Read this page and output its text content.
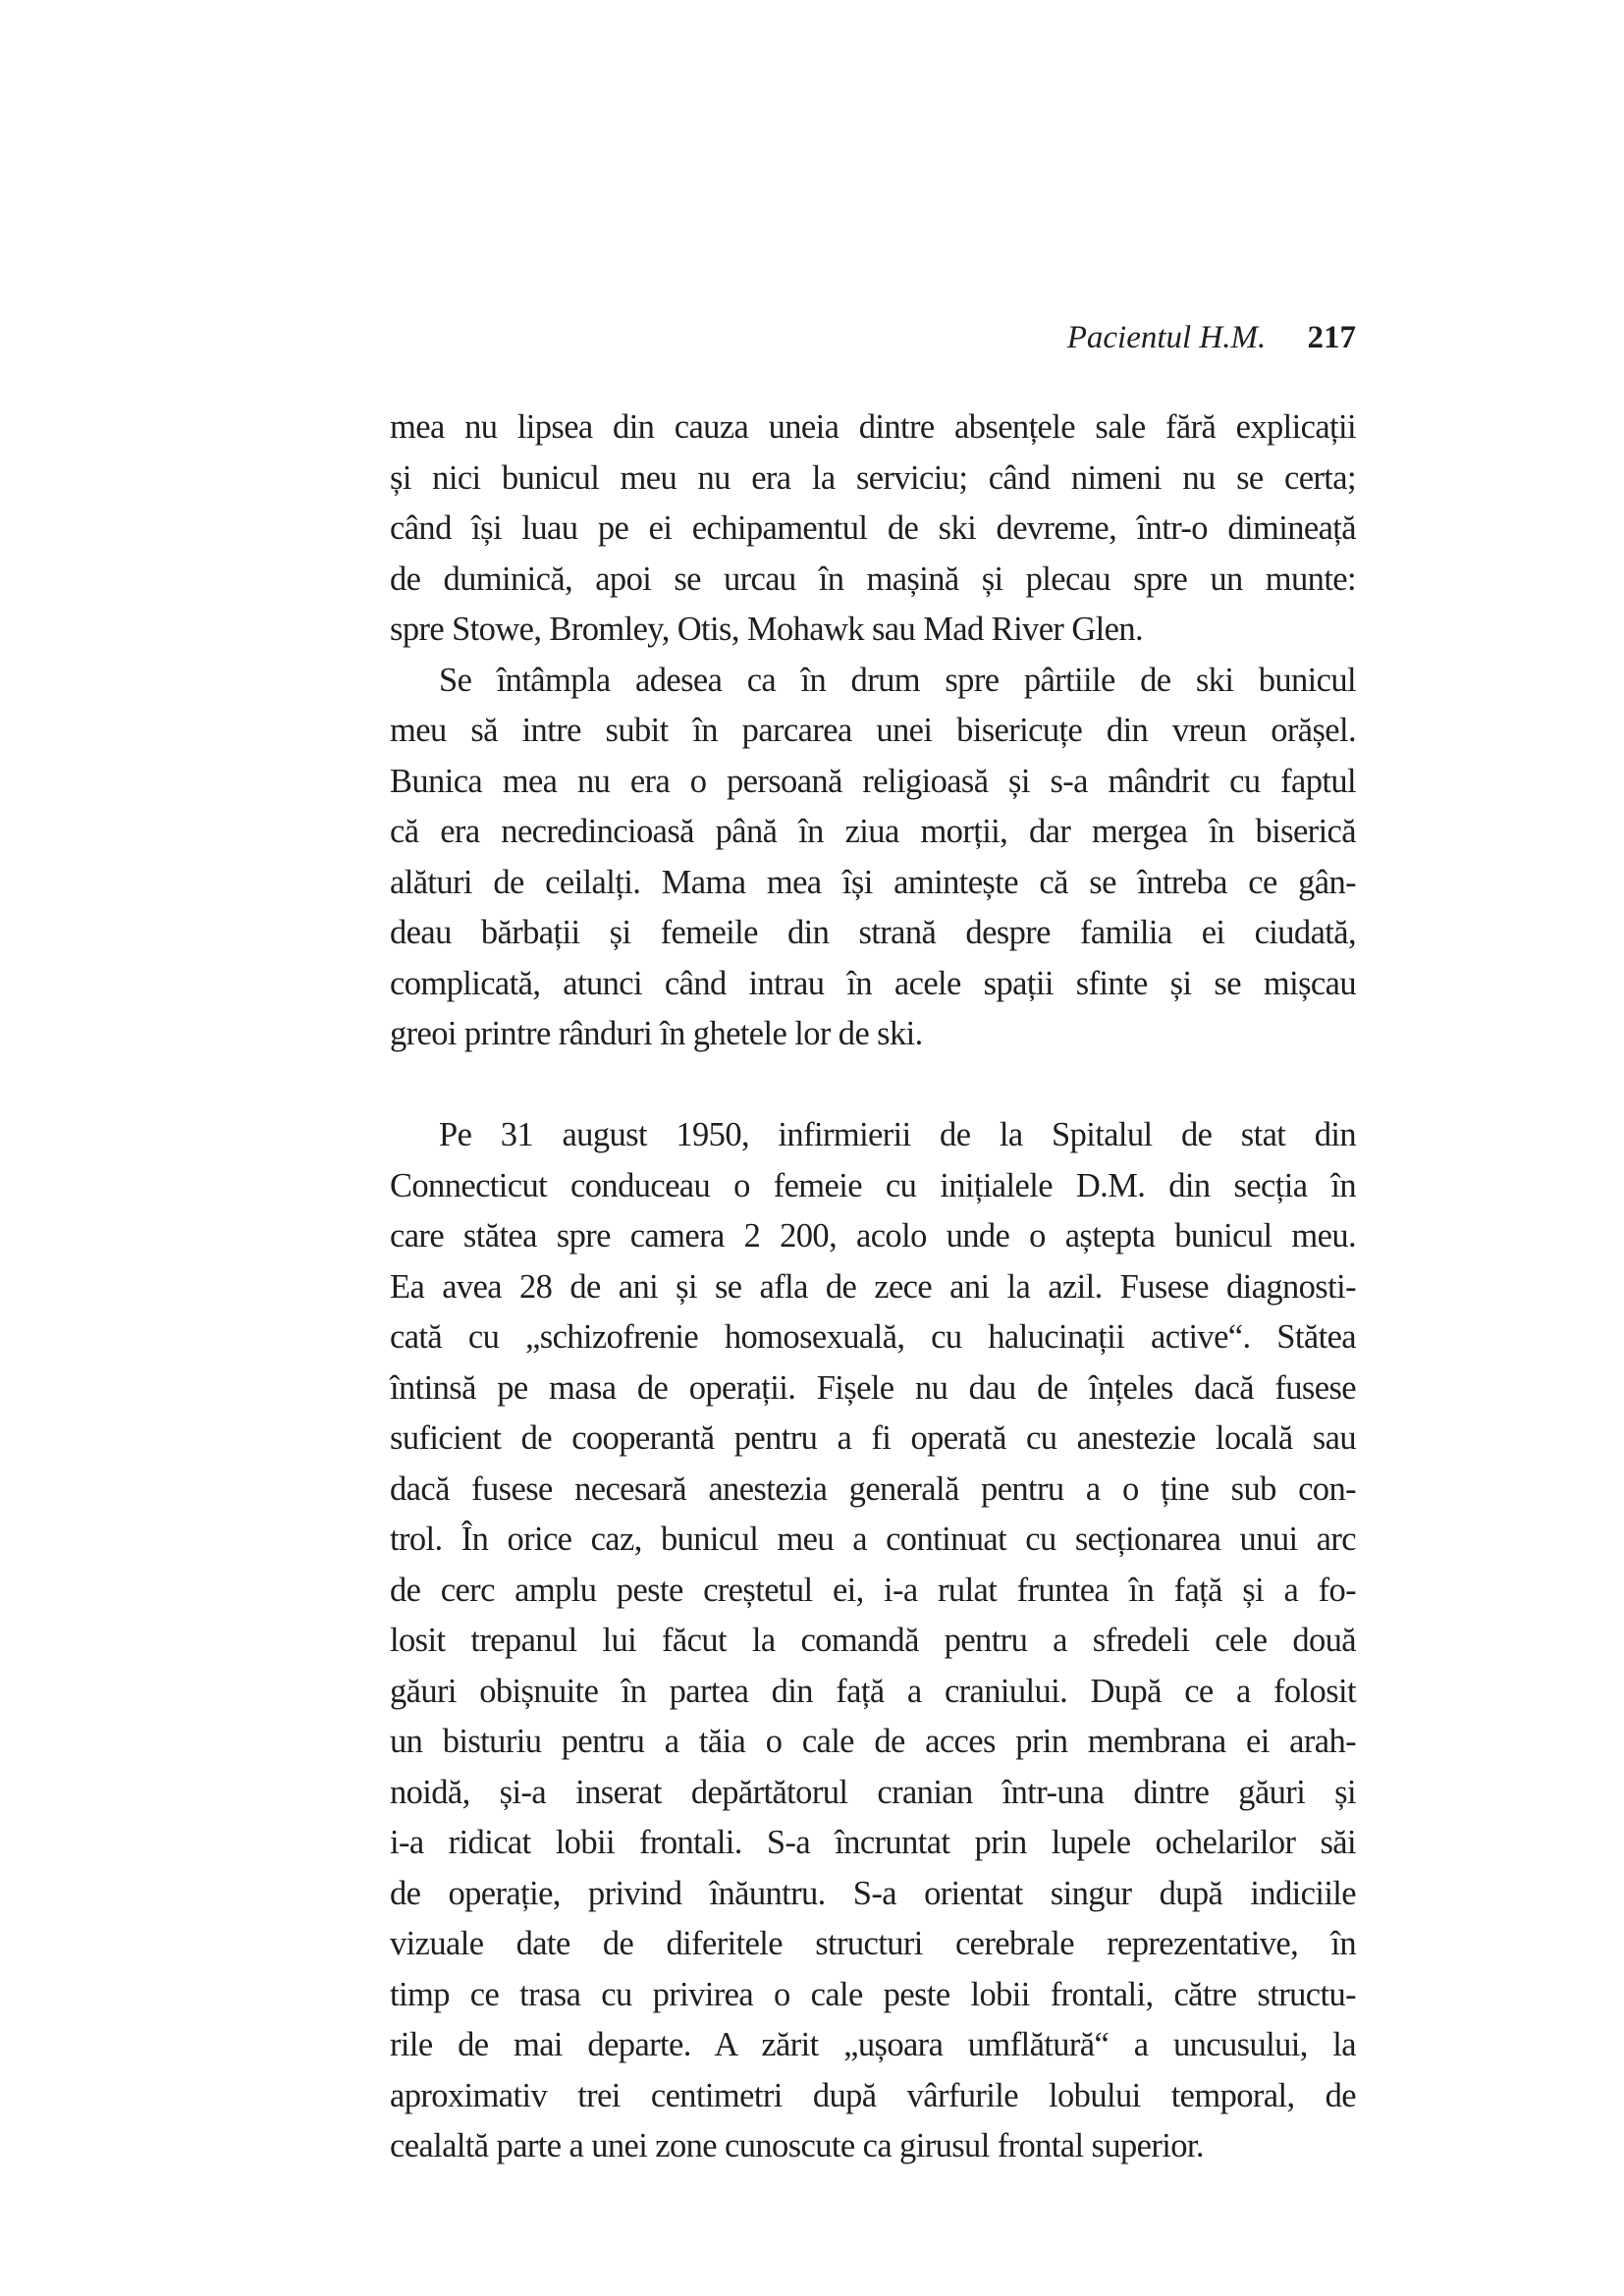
Pacientul H.M. 217
mea nu lipsea din cauza uneia dintre absențele sale fără explicații
și nici bunicul meu nu era la serviciu; când nimeni nu se certa;
când își luau pe ei echipamentul de ski devreme, într-o dimineață
de duminică, apoi se urcau în mașină și plecau spre un munte:
spre Stowe, Bromley, Otis, Mohawk sau Mad River Glen.
Se întâmpla adesea ca în drum spre pârtiile de ski bunicul
meu să intre subit în parcarea unei bisericuțe din vreun orășel.
Bunica mea nu era o persoană religioasă și s-a mândrit cu faptul
că era necredincioasă până în ziua morții, dar mergea în biserică
alături de ceilalți. Mama mea își amintește că se întreba ce gân-
deau bărbații și femeile din strană despre familia ei ciudată,
complicată, atunci când intrau în acele spații sfinte și se mișcau
greoi printre rânduri în ghetele lor de ski.
Pe 31 august 1950, infirmierii de la Spitalul de stat din
Connecticut conduceau o femeie cu inițialele D.M. din secția în
care stătea spre camera 2 200, acolo unde o aștepta bunicul meu.
Ea avea 28 de ani și se afla de zece ani la azil. Fusese diagnosti-
cată cu „schizofrenie homosexuală, cu halucinații active“. Stătea
întinsă pe masa de operații. Fișele nu dau de înțeles dacă fusese
suficient de cooperantă pentru a fi operată cu anestezie locală sau
dacă fusese necesară anestezia generală pentru a o ține sub con-
trol. În orice caz, bunicul meu a continuat cu secționarea unui arc
de cerc amplu peste creștetul ei, i-a rulat fruntea în față și a fo-
losit trepanul lui făcut la comandă pentru a sfredeli cele două
găuri obișnuite în partea din față a craniului. După ce a folosit
un bisturiu pentru a tăia o cale de acces prin membrana ei arah-
noidă, și-a inserat depărtătorul cranian într-una dintre găuri și
i-a ridicat lobii frontali. S-a încruntat prin lupele ochelarilor săi
de operație, privind înăuntru. S-a orientat singur după indiciile
vizuale date de diferitele structuri cerebrale reprezentative, în
timp ce trasa cu privirea o cale peste lobii frontali, către structu-
rile de mai departe. A zărit „ușoara umflătură“ a uncusului, la
aproximativ trei centimetri după vârfurile lobului temporal, de
cealaltă parte a unei zone cunoscute ca girusul frontal superior.
